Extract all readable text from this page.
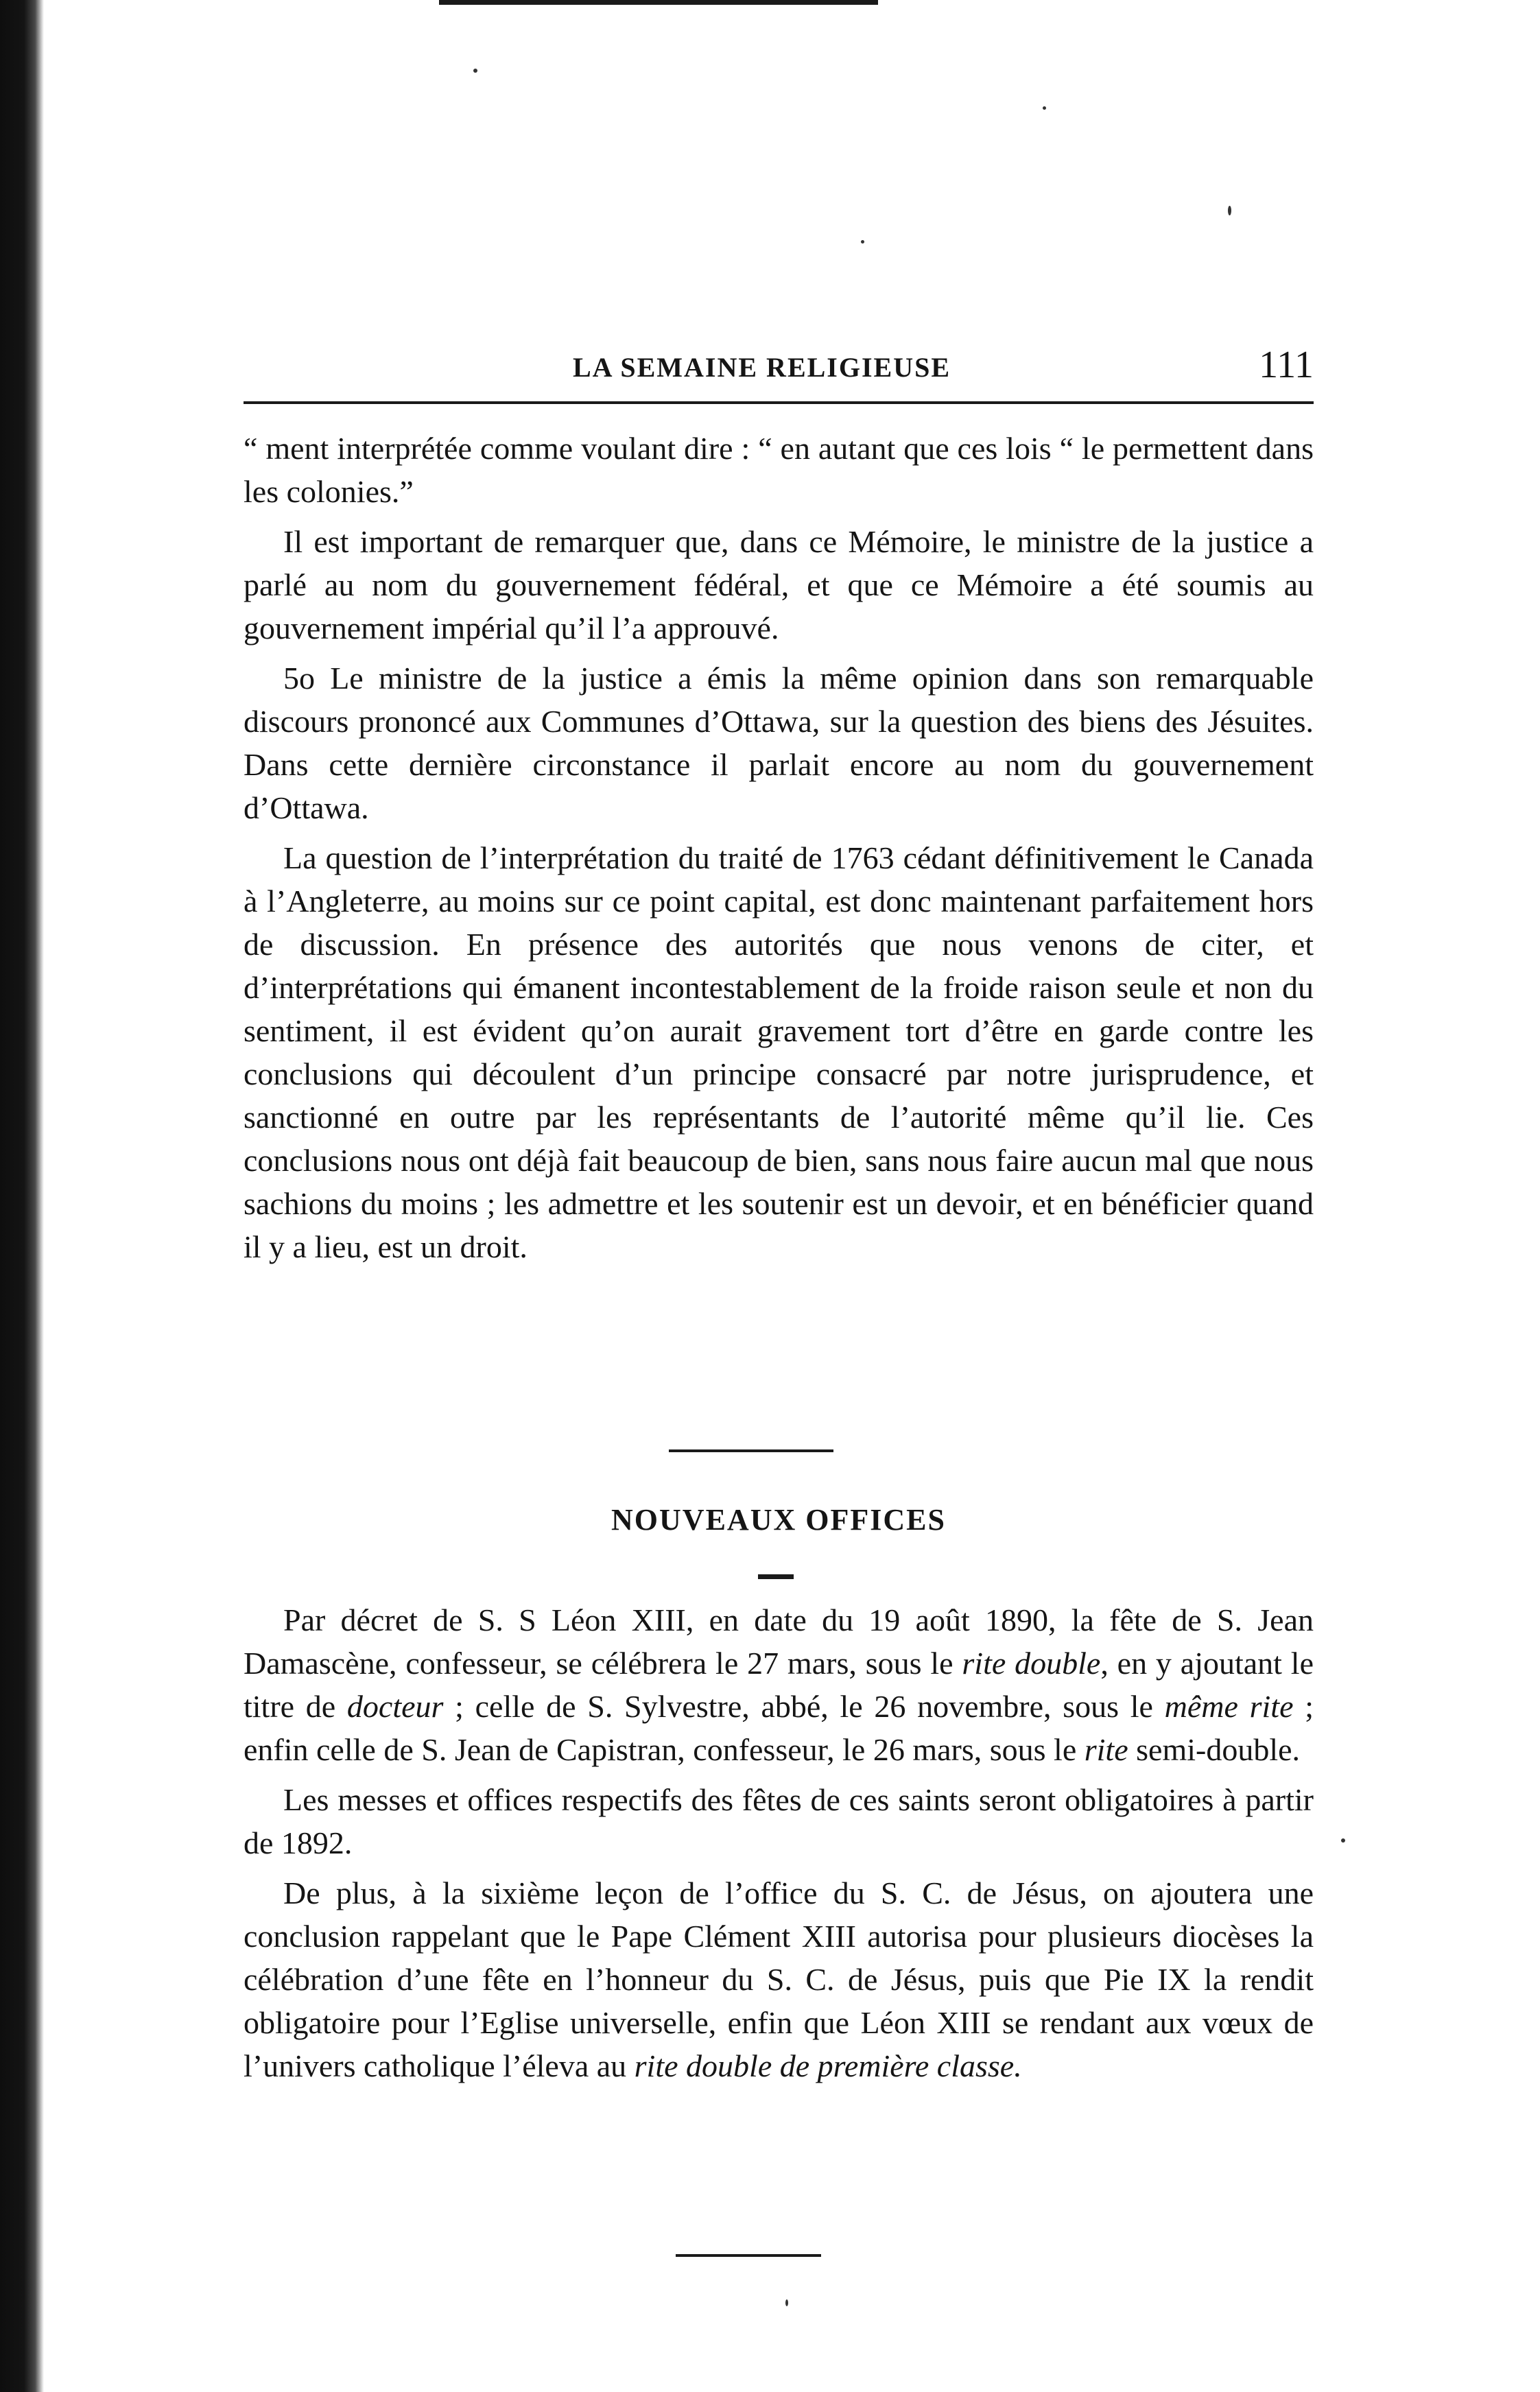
LA SEMAINE RELIGIEUSE	111

“ ment interprétée comme voulant dire : “ en autant que ces lois “ le permettent dans les colonies.”

Il est important de remarquer que, dans ce Mémoire, le ministre de la justice a parlé au nom du gouvernement fédéral, et que ce Mémoire a été soumis au gouvernement impérial qu’il l’a approuvé.

5o Le ministre de la justice a émis la même opinion dans son remarquable discours prononcé aux Communes d’Ottawa, sur la question des biens des Jésuites. Dans cette dernière circonstance il parlait encore au nom du gouvernement d’Ottawa.

La question de l’interprétation du traité de 1763 cédant définitivement le Canada à l’Angleterre, au moins sur ce point capital, est donc maintenant parfaitement hors de discussion. En présence des autorités que nous venons de citer, et d’interprétations qui émanent incontestablement de la froide raison seule et non du sentiment, il est évident qu’on aurait gravement tort d’être en garde contre les conclusions qui découlent d’un principe consacré par notre jurisprudence, et sanctionné en outre par les représentants de l’autorité même qu’il lie. Ces conclusions nous ont déjà fait beaucoup de bien, sans nous faire aucun mal que nous sachions du moins ; les admettre et les soutenir est un devoir, et en bénéficier quand il y a lieu, est un droit.

NOUVEAUX OFFICES

Par décret de S. S Léon XIII, en date du 19 août 1890, la fête de S. Jean Damascène, confesseur, se célébrera le 27 mars, sous le rite double, en y ajoutant le titre de docteur ; celle de S. Sylvestre, abbé, le 26 novembre, sous le même rite ; enfin celle de S. Jean de Capistran, confesseur, le 26 mars, sous le rite semi-double.

Les messes et offices respectifs des fêtes de ces saints seront obligatoires à partir de 1892.

De plus, à la sixième leçon de l’office du S. C. de Jésus, on ajoutera une conclusion rappelant que le Pape Clément XIII autorisa pour plusieurs diocèses la célébration d’une fête en l’honneur du S. C. de Jésus, puis que Pie IX la rendit obligatoire pour l’Eglise universelle, enfin que Léon XIII se rendant aux vœux de l’univers catholique l’éleva au rite double de première classe.
